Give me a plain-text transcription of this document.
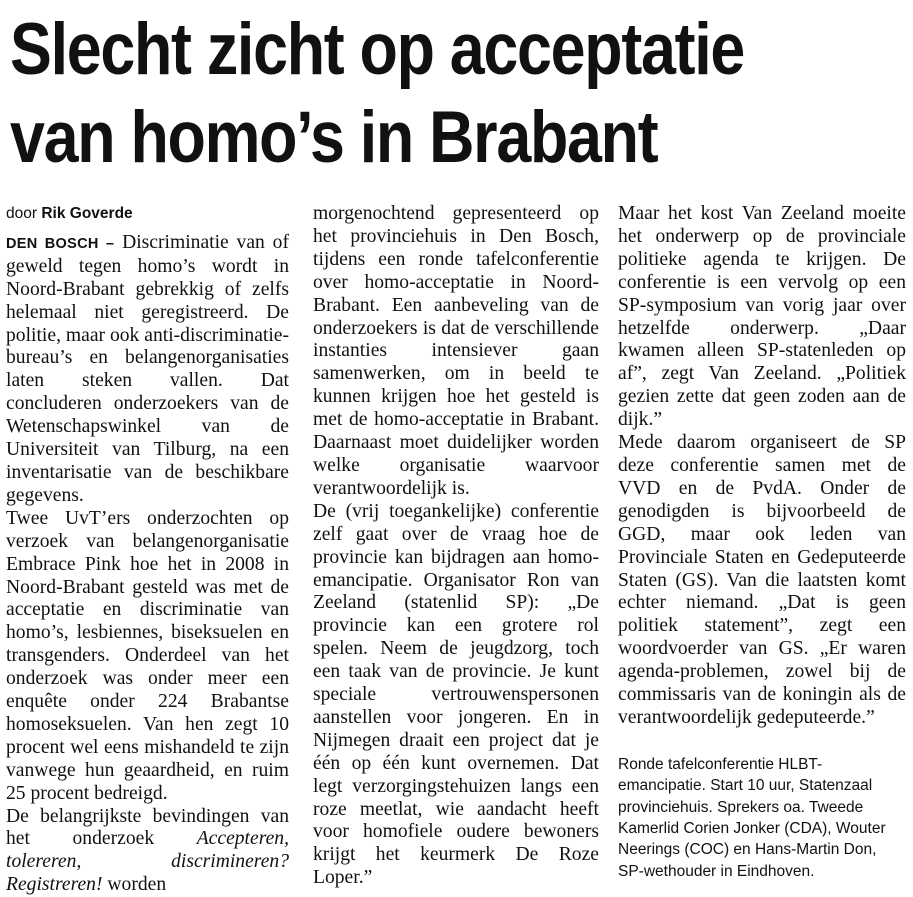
Slecht zicht op acceptatie
van homo’s in Brabant

door Rik Goverde

DEN BOSCH – Discriminatie van of geweld tegen homo’s wordt in Noord-Brabant gebrekkig of zelfs helemaal niet geregistreerd. De politie, maar ook anti-discriminatie-bureau’s en belangenorganisaties laten steken vallen. Dat concluderen onderzoekers van de Wetenschapswinkel van de Universiteit van Tilburg, na een inventarisatie van de beschikbare gegevens.

Twee UvT’ers onderzochten op verzoek van belangenorganisatie Embrace Pink hoe het in 2008 in Noord-Brabant gesteld was met de acceptatie en discriminatie van homo’s, lesbiennes, biseksuelen en transgenders. Onderdeel van het onderzoek was onder meer een enquête onder 224 Brabantse homoseksuelen. Van hen zegt 10 procent wel eens mishandeld te zijn vanwege hun geaardheid, en ruim 25 procent bedreigd.

De belangrijkste bevindingen van het onderzoek Accepteren, tolereren, discrimineren? Registreren! worden

morgenochtend gepresenteerd op het provinciehuis in Den Bosch, tijdens een ronde tafelconferentie over homo-acceptatie in Noord-Brabant. Een aanbeveling van de onderzoekers is dat de verschillende instanties intensiever gaan samenwerken, om in beeld te kunnen krijgen hoe het gesteld is met de homo-acceptatie in Brabant. Daarnaast moet duidelijker worden welke organisatie waarvoor verantwoordelijk is.

De (vrij toegankelijke) conferentie zelf gaat over de vraag hoe de provincie kan bijdragen aan homo-emancipatie. Organisator Ron van Zeeland (statenlid SP): „De provincie kan een grotere rol spelen. Neem de jeugdzorg, toch een taak van de provincie. Je kunt speciale vertrouwenspersonen aanstellen voor jongeren. En in Nijmegen draait een project dat je één op één kunt overnemen. Dat legt verzorgingstehuizen langs een roze meetlat, wie aandacht heeft voor homofiele oudere bewoners krijgt het keurmerk De Roze Loper.”

Maar het kost Van Zeeland moeite het onderwerp op de provinciale politieke agenda te krijgen. De conferentie is een vervolg op een SP-symposium van vorig jaar over hetzelfde onderwerp. „Daar kwamen alleen SP-statenleden op af”, zegt Van Zeeland. „Politiek gezien zette dat geen zoden aan de dijk.”

Mede daarom organiseert de SP deze conferentie samen met de VVD en de PvdA. Onder de genodigden is bijvoorbeeld de GGD, maar ook leden van Provinciale Staten en Gedeputeerde Staten (GS). Van die laatsten komt echter niemand. „Dat is geen politiek statement”, zegt een woordvoerder van GS. „Er waren agenda-problemen, zowel bij de commissaris van de koningin als de verantwoordelijk gedeputeerde.”

Ronde tafelconferentie HLBT-emancipatie. Start 10 uur, Statenzaal provinciehuis. Sprekers oa. Tweede Kamerlid Corien Jonker (CDA), Wouter Neerings (COC) en Hans-Martin Don, SP-wethouder in Eindhoven.
